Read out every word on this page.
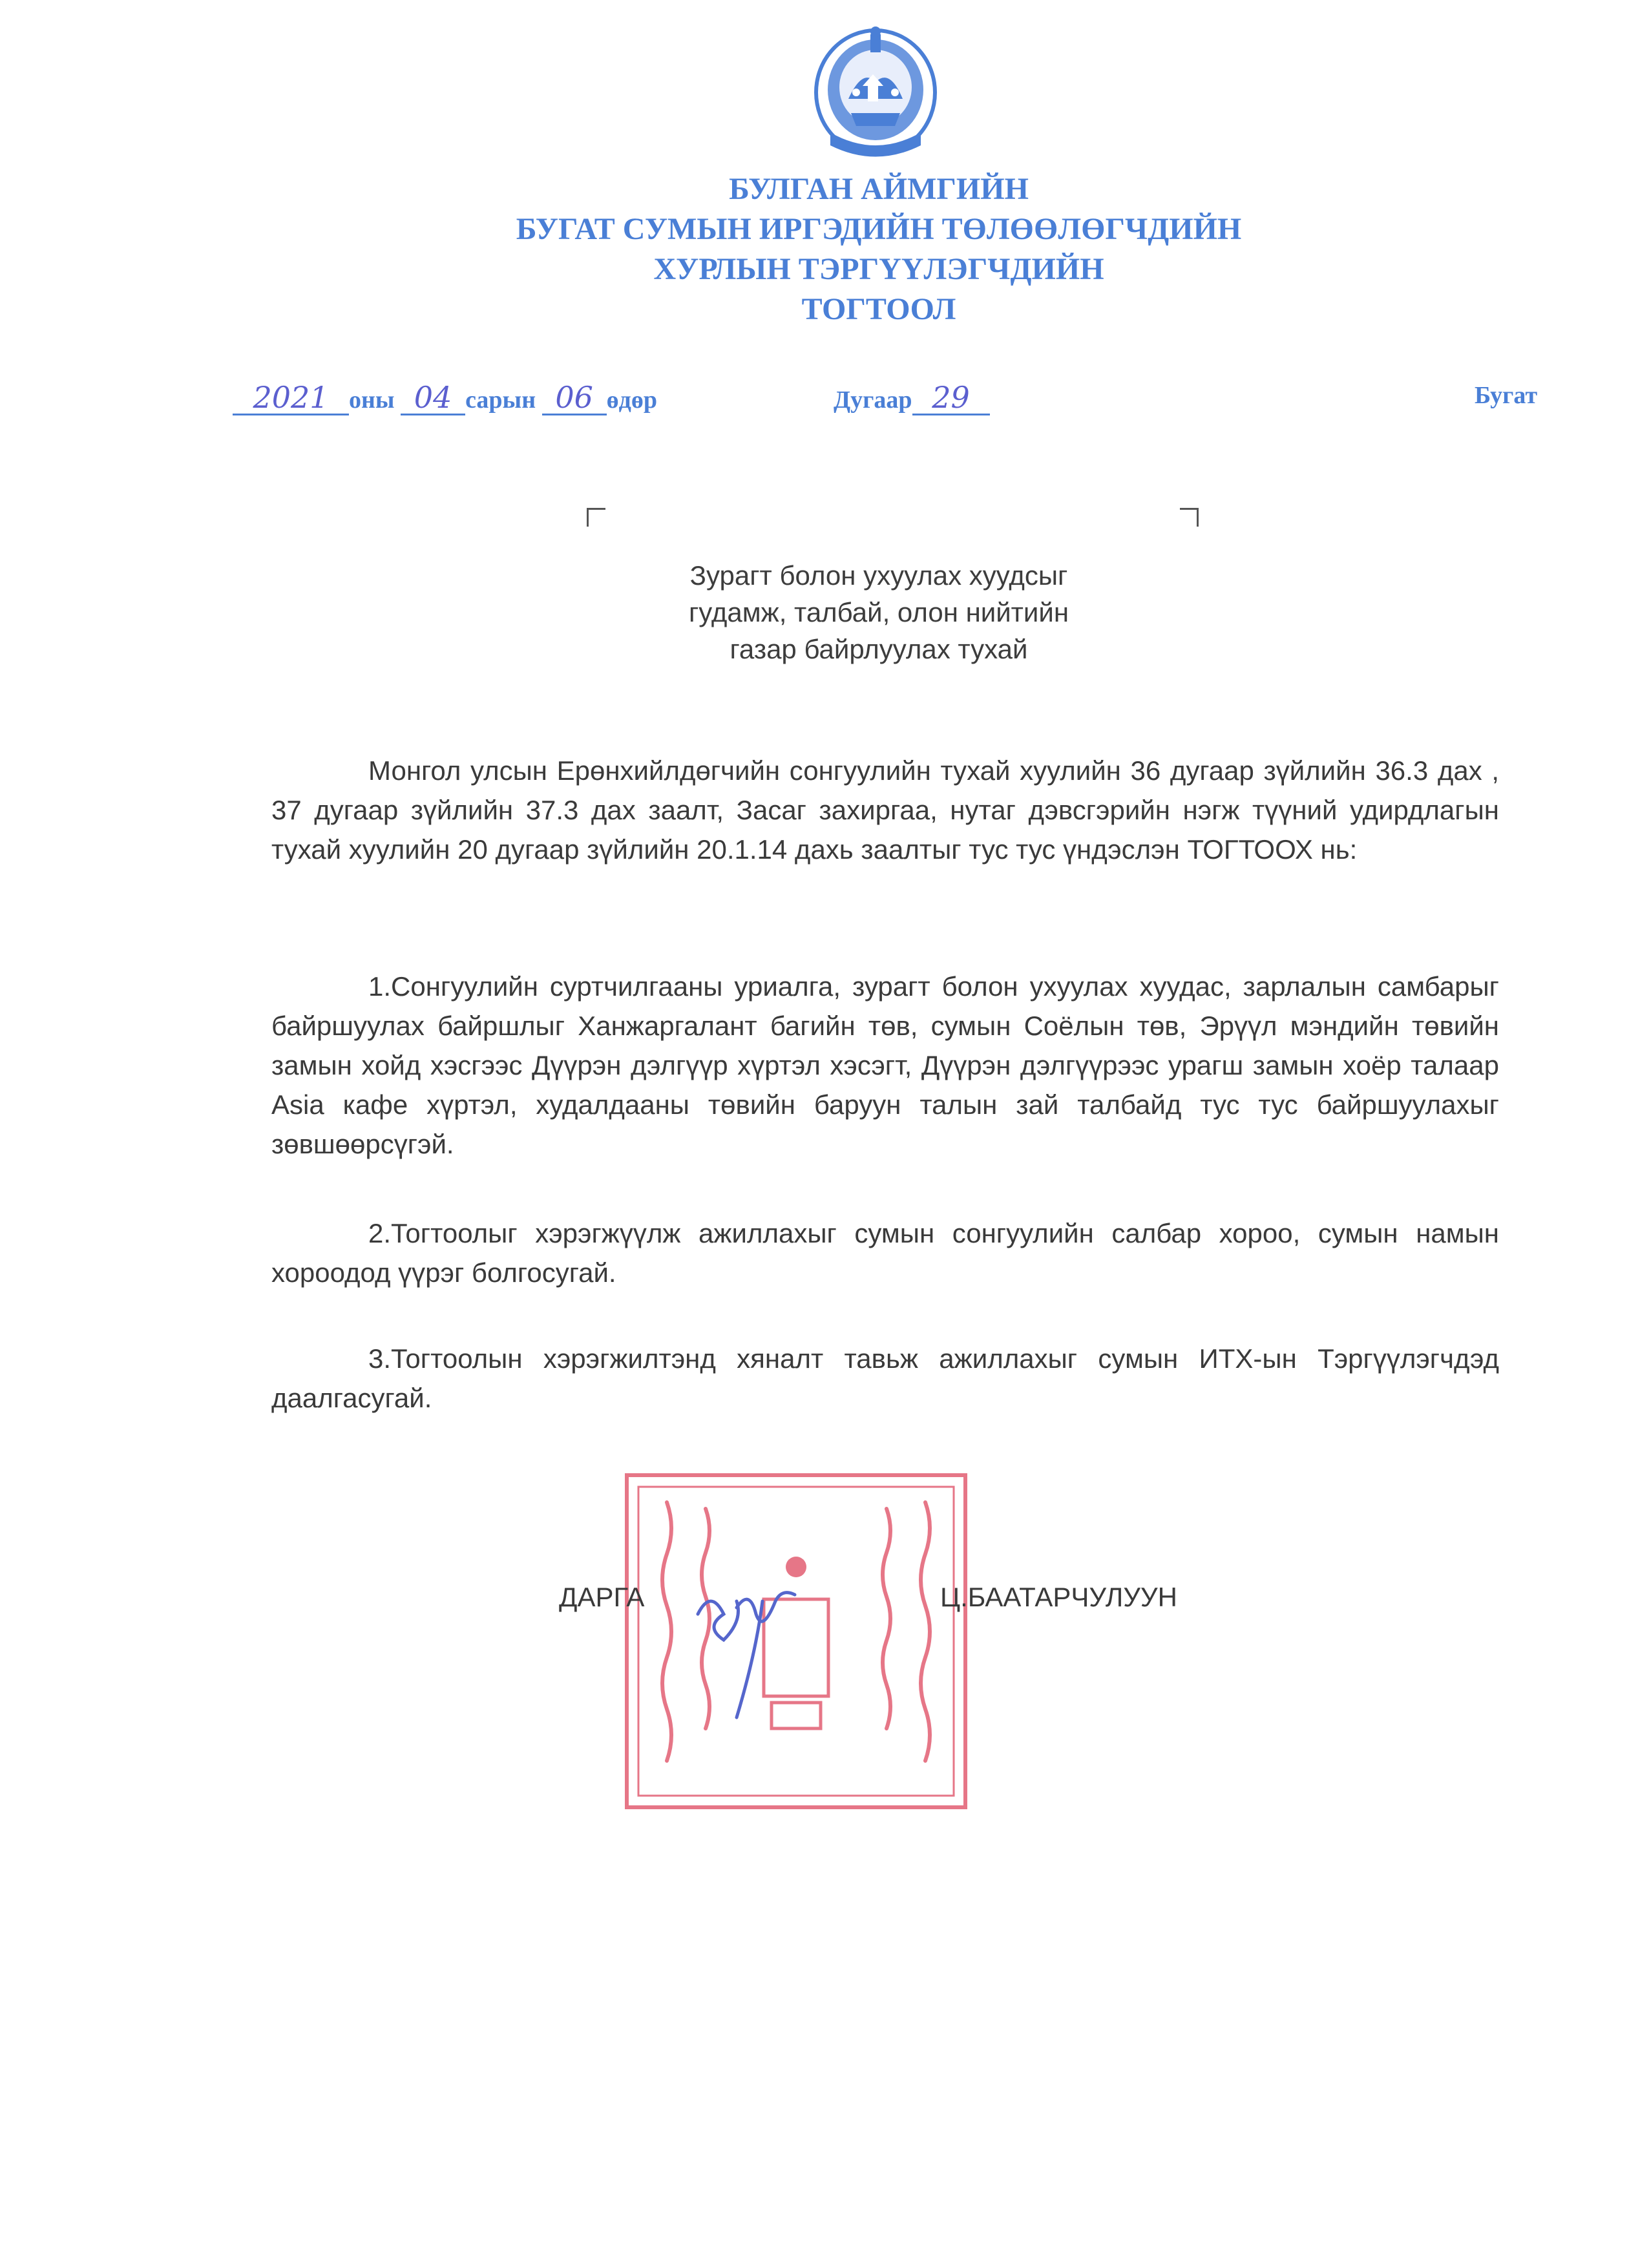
БУЛГАН АЙМГИЙН
БУГАТ СУМЫН ИРГЭДИЙН ТӨЛӨӨЛӨГЧДИЙН
ХУРЛЫН ТЭРГҮҮЛЭГЧДИЙН
ТОГТООЛ
2021 оны 04 сарын 06 өдөр	Дугаар 29	Бугат
Зурагт болон ухуулах хуудсыг
гудамж, талбай, олон нийтийн
газар байрлуулах тухай

Монгол улсын Ерөнхийлдөгчийн сонгуулийн тухай хуулийн 36 дугаар зүйлийн 36.3 дах , 37 дугаар зүйлийн 37.3 дах заалт, Засаг захиргаа, нутаг дэвсгэрийн нэгж түүний удирдлагын тухай хуулийн 20 дугаар зүйлийн 20.1.14 дахь заалтыг тус тус үндэслэн ТОГТООХ нь:

1.Сонгуулийн суртчилгааны уриалга, зурагт болон ухуулах хуудас, зарлалын самбарыг байршуулах байршлыг Ханжаргалант багийн төв, сумын Соёлын төв, Эрүүл мэндийн төвийн замын хойд хэсгээс Дүүрэн дэлгүүр хүртэл хэсэгт, Дүүрэн дэлгүүрээс урагш замын хоёр талаар Asia кафе хүртэл, худалдааны төвийн баруун талын зай талбайд тус тус байршуулахыг зөвшөөрсүгэй.

2.Тогтоолыг хэрэгжүүлж ажиллахыг сумын сонгуулийн салбар хороо, сумын намын хороодод үүрэг болгосугай.

3.Тогтоолын хэрэгжилтэнд хяналт тавьж ажиллахыг сумын ИТХ-ын Тэргүүлэгчдэд даалгасугай.

ДАРГА	Ц.БААТАРЧУЛУУН
